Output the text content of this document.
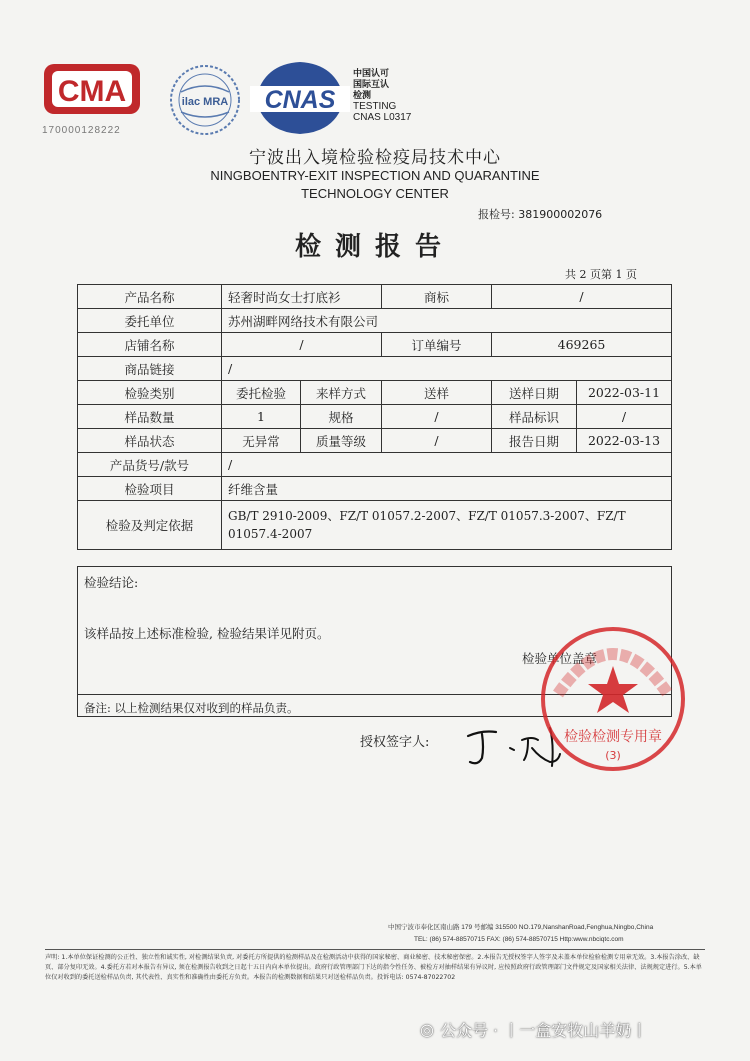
CMA
170000128222
ilac MRA CNAS
中国认可
国际互认
检测
TESTING
CNAS L0317
宁波出入境检验检疫局技术中心
NINGBOENTRY-EXIT INSPECTION AND QUARANTINE
TECHNOLOGY CENTER
报检号: 381900002076
检测报告
共 2 页第 1 页
产品名称	轻奢时尚女士打底衫		商标	/	
委托单位	苏州湖畔网络技术有限公司				
店铺名称	/		订单编号	469265	
商品链接	/				
检验类别	委托检验	来样方式	送样	送样日期	2022-03-11
样品数量	1	规格	/	样品标识	/
样品状态	无异常	质量等级	/	报告日期	2022-03-13
产品货号/款号	/				
检验项目	纤维含量				
检验及判定依据	GB/T 2910-2009、FZ/T 01057.2-2007、FZ/T 01057.3-2007、FZ/T 01057.4-2007				
检验结论:
该样品按上述标准检验, 检验结果详见附页。
检验单位盖章
备注: 以上检测结果仅对收到的样品负责。
授权签字人:	检验检测专用章
(3)
中国宁波市奉化区南山路 179 号邮编 315500 NO.179,NanshanRoad,Fenghua,Ningbo,China
TEL: (86) 574-88570715 FAX: (86) 574-88570715 Http:www.nbciqtc.com
声明: 1.本单位保证检测的公正性、独立性和诚实性, 对检测结果负责, 对委托方所提供的检测样品及在检测活动中获得的国家秘密、商业秘密、技术秘密保密。2.本报告无授权签字人签字及未盖本单位检验检测专用章无效。3.本报告涂改、缺页、部分复印无效。4.委托方若对本报告有异议, 须在检测报告收到之日起十五日内向本单位提出。政府行政管理部门下达的指令性任务、被检方对抽样结果有异议时, 应按照政府行政管理部门文件规定及国家相关法律、法规规定进行。5.本单位仅对收到的委托送检样品负责, 其代表性、真实性和准确性由委托方负责。本报告的检测数据和结果只对送检样品负责。投诉电话: 0574-87022702
◎ 公众号 · 丨一盒安牧山羊奶丨
